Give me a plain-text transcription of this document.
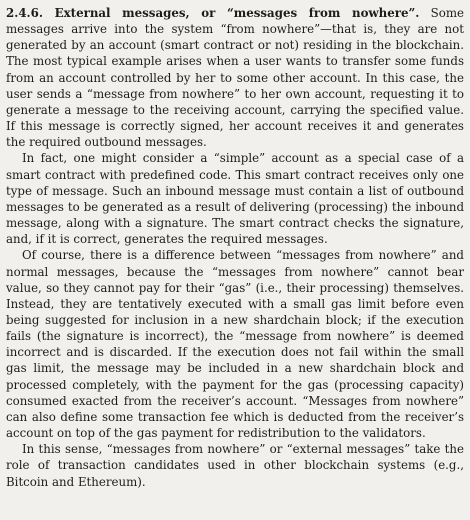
2.4.6. External messages, or “messages from nowhere”. Some messages arrive into the system “from nowhere”—that is, they are not generated by an account (smart contract or not) residing in the blockchain. The most typical example arises when a user wants to transfer some funds from an account controlled by her to some other account. In this case, the user sends a “message from nowhere” to her own account, requesting it to generate a message to the receiving account, carrying the specified value. If this message is correctly signed, her account receives it and generates the required outbound messages.

In fact, one might consider a “simple” account as a special case of a smart contract with predefined code. This smart contract receives only one type of message. Such an inbound message must contain a list of outbound messages to be generated as a result of delivering (processing) the inbound message, along with a signature. The smart contract checks the signature, and, if it is correct, generates the required messages.

Of course, there is a difference between “messages from nowhere” and normal messages, because the “messages from nowhere” cannot bear value, so they cannot pay for their “gas” (i.e., their processing) themselves. Instead, they are tentatively executed with a small gas limit before even being suggested for inclusion in a new shardchain block; if the execution fails (the signature is incorrect), the “message from nowhere” is deemed incorrect and is discarded. If the execution does not fail within the small gas limit, the message may be included in a new shardchain block and processed completely, with the payment for the gas (processing capacity) consumed exacted from the receiver’s account. “Messages from nowhere” can also define some transaction fee which is deducted from the receiver’s account on top of the gas payment for redistribution to the validators.

In this sense, “messages from nowhere” or “external messages” take the role of transaction candidates used in other blockchain systems (e.g., Bitcoin and Ethereum).
